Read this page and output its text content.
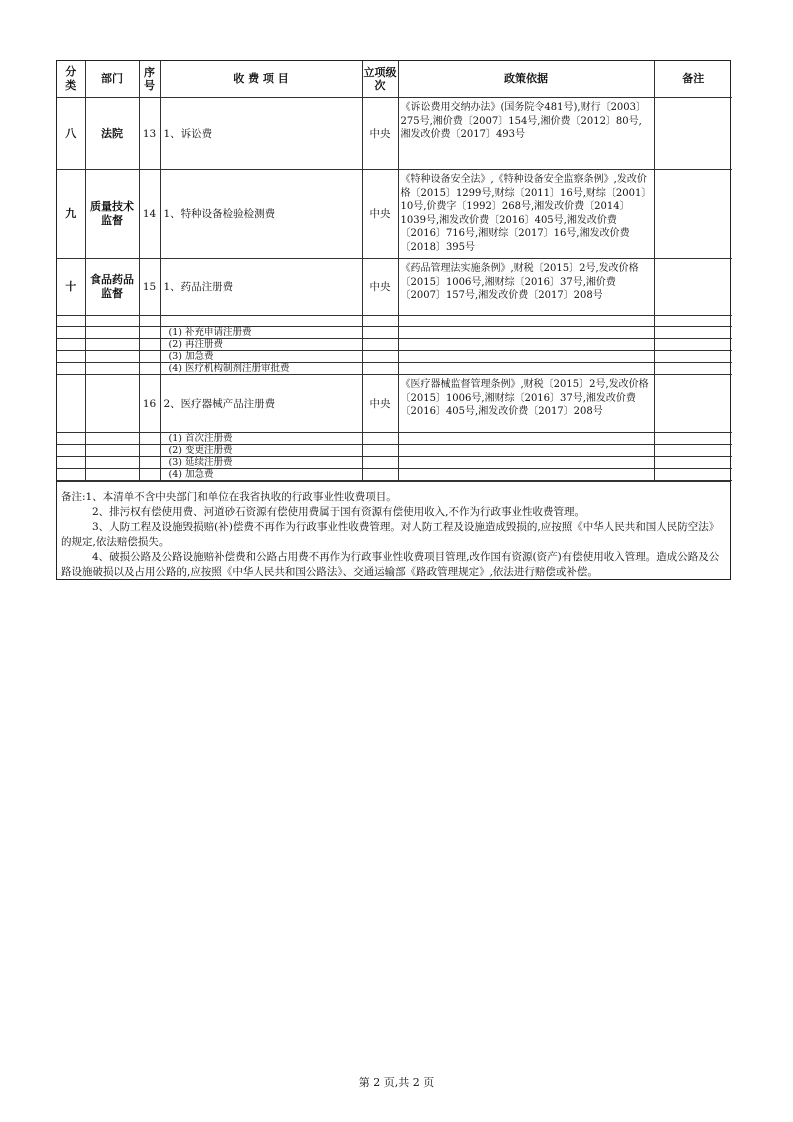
分类	部门	序号	收 费 项 目	立项级次	政策依据	备注
八	法院	13	1、诉讼费	中央	《诉讼费用交纳办法》(国务院令481号),财行〔2003〕275号,湘价费〔2007〕154号,湘价费〔2012〕80号,湘发改价费〔2017〕493号	
九	质量技术监督	14	1、特种设备检验检测费	中央	《特种设备安全法》,《特种设备安全监察条例》,发改价格〔2015〕1299号,财综〔2011〕16号,财综〔2001〕10号,价费字〔1992〕268号,湘发改价费〔2014〕1039号,湘发改价费〔2016〕405号,湘发改价费〔2016〕716号,湘财综〔2017〕16号,湘发改价费〔2018〕395号	
十	食品药品监督	15	1、药品注册费	中央	《药品管理法实施条例》,财税〔2015〕2号,发改价格〔2015〕1006号,湘财综〔2016〕37号,湘价费〔2007〕157号,湘发改价费〔2017〕208号	

			(1) 补充申请注册费			
			(2) 再注册费			
			(3) 加急费			
			(4) 医疗机构制剂注册审批费			
		16	2、医疗器械产品注册费	中央	《医疗器械监督管理条例》,财税〔2015〕2号,发改价格〔2015〕1006号,湘财综〔2016〕37号,湘发改价费〔2016〕405号,湘发改价费〔2017〕208号	
			(1) 首次注册费			
			(2) 变更注册费			
			(3) 延续注册费			
			(4) 加急费			

备注:1、本清单不含中央部门和单位在我省执收的行政事业性收费项目。

2、排污权有偿使用费、河道砂石资源有偿使用费属于国有资源有偿使用收入,不作为行政事业性收费管理。

3、人防工程及设施毁损赔(补)偿费不再作为行政事业性收费管理。对人防工程及设施造成毁损的,应按照《中华人民共和国人民防空法》的规定,依法赔偿损失。

4、破损公路及公路设施赔补偿费和公路占用费不再作为行政事业性收费项目管理,改作国有资源(资产)有偿使用收入管理。造成公路及公路设施破损以及占用公路的,应按照《中华人民共和国公路法》、交通运输部《路政管理规定》,依法进行赔偿或补偿。

第 2 页,共 2 页
